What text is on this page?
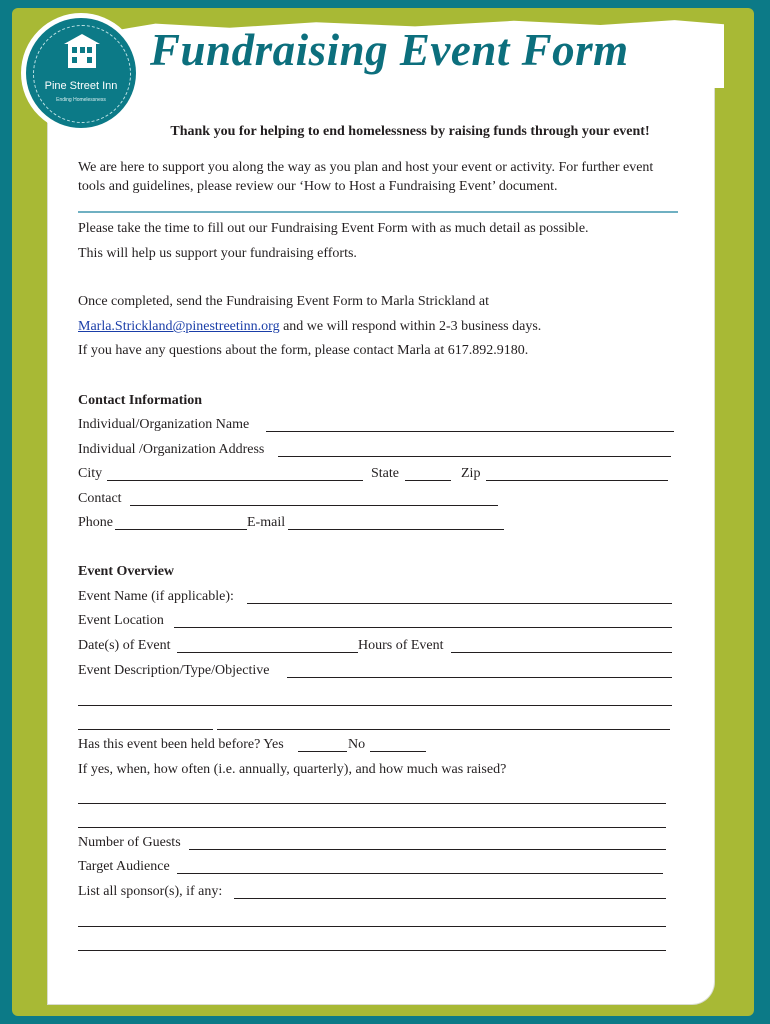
Fundraising Event Form
Pine Street Inn
Ending Homelessness
Thank you for helping to end homelessness by raising funds through your event!
We are here to support you along the way as you plan and host your event or activity. For further event
tools and guidelines, please review our ‘How to Host a Fundraising Event’ document.
Please take the time to fill out our Fundraising Event Form with as much detail as possible.
This will help us support your fundraising efforts.
Once completed, send the Fundraising Event Form to Marla Strickland at
Marla.Strickland@pinestreetinn.org and we will respond within 2-3 business days.
If you have any questions about the form, please contact Marla at 617.892.9180.
Contact Information
Individual/Organization Name
Individual /Organization Address
City	State	Zip
Contact
Phone	E-mail
Event Overview
Event Name (if applicable):
Event Location
Date(s) of Event	Hours of Event
Event Description/Type/Objective
Has this event been held before? Yes	No
If yes, when, how often (i.e. annually, quarterly), and how much was raised?
Number of Guests
Target Audience
List all sponsor(s), if any:
